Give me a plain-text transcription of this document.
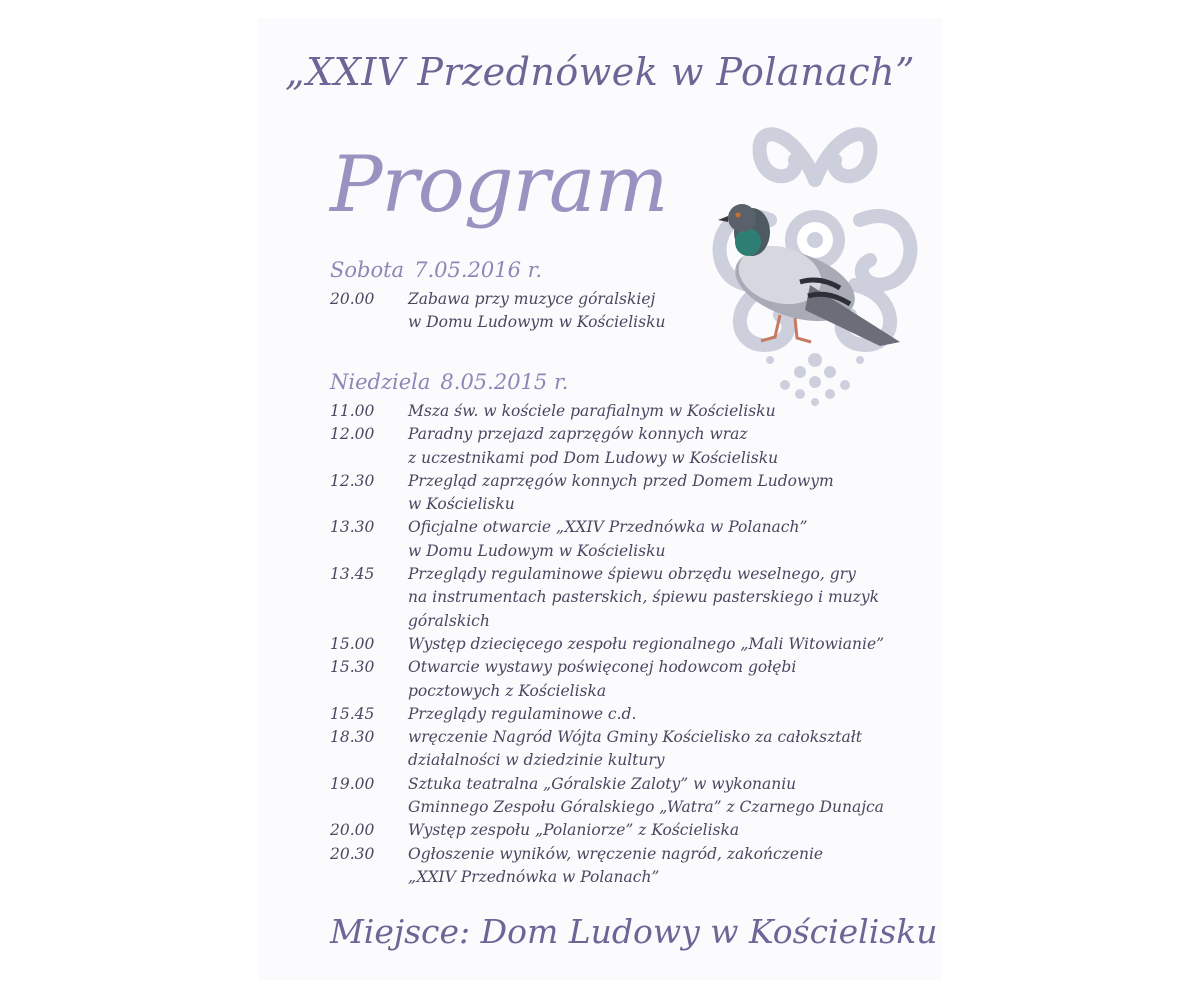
„XXIV Przednówek w Polanach”
Program
Sobota 7.05.2016 r.
20.00	Zabawa przy muzyce góralskiej
w Domu Ludowym w Kościelisku
Niedziela 8.05.2015 r.
11.00	Msza św. w kościele parafialnym w Kościelisku
12.00	Paradny przejazd zaprzęgów konnych wraz
z uczestnikami pod Dom Ludowy w Kościelisku
12.30	Przegląd zaprzęgów konnych przed Domem Ludowym
w Kościelisku
13.30	Oficjalne otwarcie „XXIV Przednówka w Polanach”
w Domu Ludowym w Kościelisku
13.45	Przeglądy regulaminowe śpiewu obrzędu weselnego, gry
na instrumentach pasterskich, śpiewu pasterskiego i muzyk
góralskich
15.00	Występ dziecięcego zespołu regionalnego „Mali Witowianie”
15.30	Otwarcie wystawy poświęconej hodowcom gołębi
pocztowych z Kościeliska
15.45	Przeglądy regulaminowe c.d.
18.30	wręczenie Nagród Wójta Gminy Kościelisko za całokształt
działalności w dziedzinie kultury
19.00	Sztuka teatralna „Góralskie Zaloty” w wykonaniu
Gminnego Zespołu Góralskiego „Watra” z Czarnego Dunajca
20.00	Występ zespołu „Polaniorze” z Kościeliska
20.30	Ogłoszenie wyników, wręczenie nagród, zakończenie
„XXIV Przednówka w Polanach”
Miejsce: Dom Ludowy w Kościelisku
